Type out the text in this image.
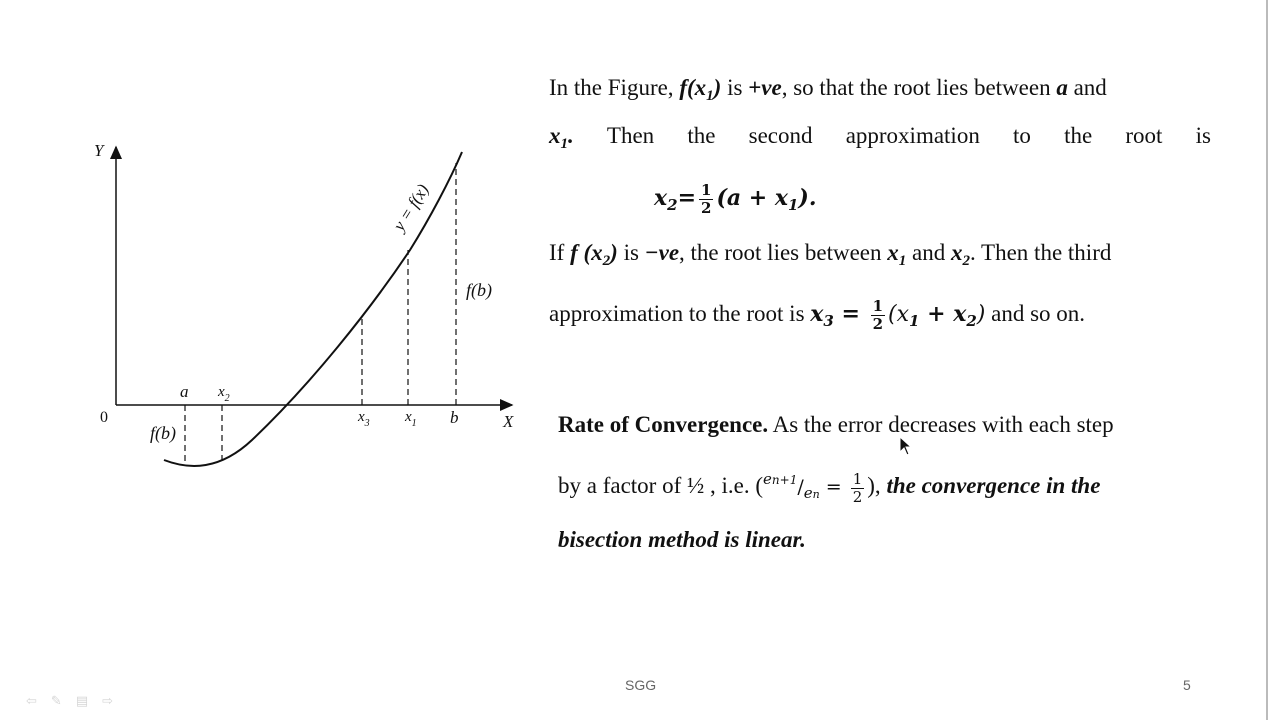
Y
X
0
y = f(x)
f(b)
f(b)
a $x_2$
$x_3$ $x_1$ b
In the Figure, $f(x_1)$ is +ve, so that the root lies between a and
$x_1$. Then the second approximation to the root is
$x_2= \frac{1}{2} (a + x_1)$.
If f $(x_2)$ is −ve, the root lies between $x_1$ and $x_2$. Then the third
approximation to the root is $x_3 = \frac{1}{2} (x_1 + x_2)$ and so on.
Rate of Convergence. As the error decreases with each step
by a factor of ½ , i.e. ($^{en+1}/_{en} = \frac{1}{2}$ ), the convergence in the
bisection method is linear.
SGG	5
⇦ ✎ ▤ ⇨
